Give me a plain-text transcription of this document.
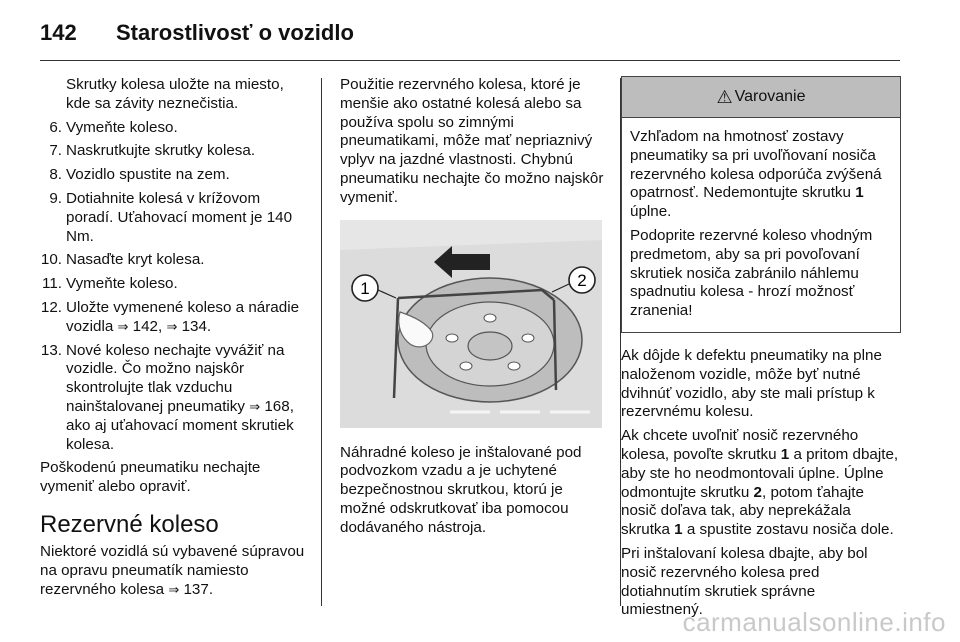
142 Starostlivosť o vozidlo

Skrutky kolesa uložte na miesto, kde sa závity neznečistia.

6. Vymeňte koleso.
7. Naskrutkujte skrutky kolesa.
8. Vozidlo spustite na zem.
9. Dotiahnite kolesá v krížovom poradí. Uťahovací moment je 140 Nm.
10. Nasaďte kryt kolesa.
11. Vymeňte koleso.
12. Uložte vymenené koleso a náradie vozidla ⇒ 142, ⇒ 134.
13. Nové koleso nechajte vyvážiť na vozidle. Čo možno najskôr skontrolujte tlak vzduchu nainštalovanej pneumatiky ⇒ 168, ako aj uťahovací moment skrutiek kolesa.

Poškodenú pneumatiku nechajte vymeniť alebo opraviť.

Rezervné koleso

Niektoré vozidlá sú vybavené súpravou na opravu pneumatík namiesto rezervného kolesa ⇒ 137.

Použitie rezervného kolesa, ktoré je menšie ako ostatné kolesá alebo sa používa spolu so zimnými pneumatikami, môže mať nepriaznivý vplyv na jazdné vlastnosti. Chybnú pneumatiku nechajte čo možno najskôr vymeniť.

1	2

Náhradné koleso je inštalované pod podvozkom vzadu a je uchytené bezpečnostnou skrutkou, ktorú je možné odskrutkovať iba pomocou dodávaného nástroja.

⚠ Varovanie

Vzhľadom na hmotnosť zostavy pneumatiky sa pri uvoľňovaní nosiča rezervného kolesa odporúča zvýšená opatrnosť. Nedemontujte skrutku 1 úplne.

Podoprite rezervné koleso vhodným predmetom, aby sa pri povoľovaní skrutiek nosiča zabránilo náhlemu spadnutiu kolesa - hrozí možnosť zranenia!

Ak dôjde k defektu pneumatiky na plne naloženom vozidle, môže byť nutné dvihnúť vozidlo, aby ste mali prístup k rezervnému kolesu.

Ak chcete uvoľniť nosič rezervného kolesa, povoľte skrutku 1 a pritom dbajte, aby ste ho neodmontovali úplne. Úplne odmontujte skrutku 2, potom ťahajte nosič doľava tak, aby neprekážala skrutka 1 a spustite zostavu nosiča dole.

Pri inštalovaní kolesa dbajte, aby bol nosič rezervného kolesa pred dotiahnutím skrutiek správne umiestnený.

carmanualsonline.info
